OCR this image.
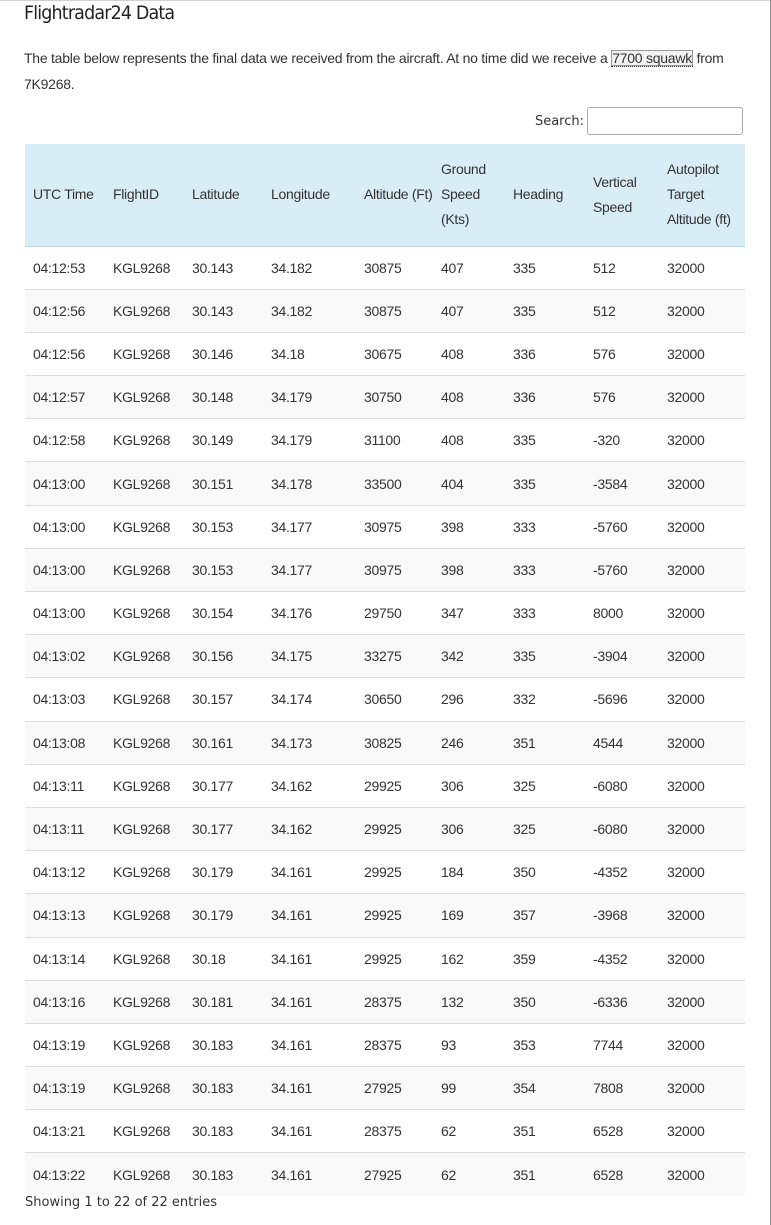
Flightradar24 Data

The table below represents the final data we received from the aircraft. At no time did we receive a 7700 squawk from 7K9268.

Search:
UTC Time	FlightID	Latitude	Longitude	Altitude (Ft)	Ground Speed (Kts)	Heading	Vertical Speed	Autopilot Target Altitude (ft)
04:12:53	KGL9268	30.143	34.182	30875	407	335	512	32000
04:12:56	KGL9268	30.143	34.182	30875	407	335	512	32000
04:12:56	KGL9268	30.146	34.18	30675	408	336	576	32000
04:12:57	KGL9268	30.148	34.179	30750	408	336	576	32000
04:12:58	KGL9268	30.149	34.179	31100	408	335	-320	32000
04:13:00	KGL9268	30.151	34.178	33500	404	335	-3584	32000
04:13:00	KGL9268	30.153	34.177	30975	398	333	-5760	32000
04:13:00	KGL9268	30.153	34.177	30975	398	333	-5760	32000
04:13:00	KGL9268	30.154	34.176	29750	347	333	8000	32000
04:13:02	KGL9268	30.156	34.175	33275	342	335	-3904	32000
04:13:03	KGL9268	30.157	34.174	30650	296	332	-5696	32000
04:13:08	KGL9268	30.161	34.173	30825	246	351	4544	32000
04:13:11	KGL9268	30.177	34.162	29925	306	325	-6080	32000
04:13:11	KGL9268	30.177	34.162	29925	306	325	-6080	32000
04:13:12	KGL9268	30.179	34.161	29925	184	350	-4352	32000
04:13:13	KGL9268	30.179	34.161	29925	169	357	-3968	32000
04:13:14	KGL9268	30.18	34.161	29925	162	359	-4352	32000
04:13:16	KGL9268	30.181	34.161	28375	132	350	-6336	32000
04:13:19	KGL9268	30.183	34.161	28375	93	353	7744	32000
04:13:19	KGL9268	30.183	34.161	27925	99	354	7808	32000
04:13:21	KGL9268	30.183	34.161	28375	62	351	6528	32000
04:13:22	KGL9268	30.183	34.161	27925	62	351	6528	32000
Showing 1 to 22 of 22 entries
